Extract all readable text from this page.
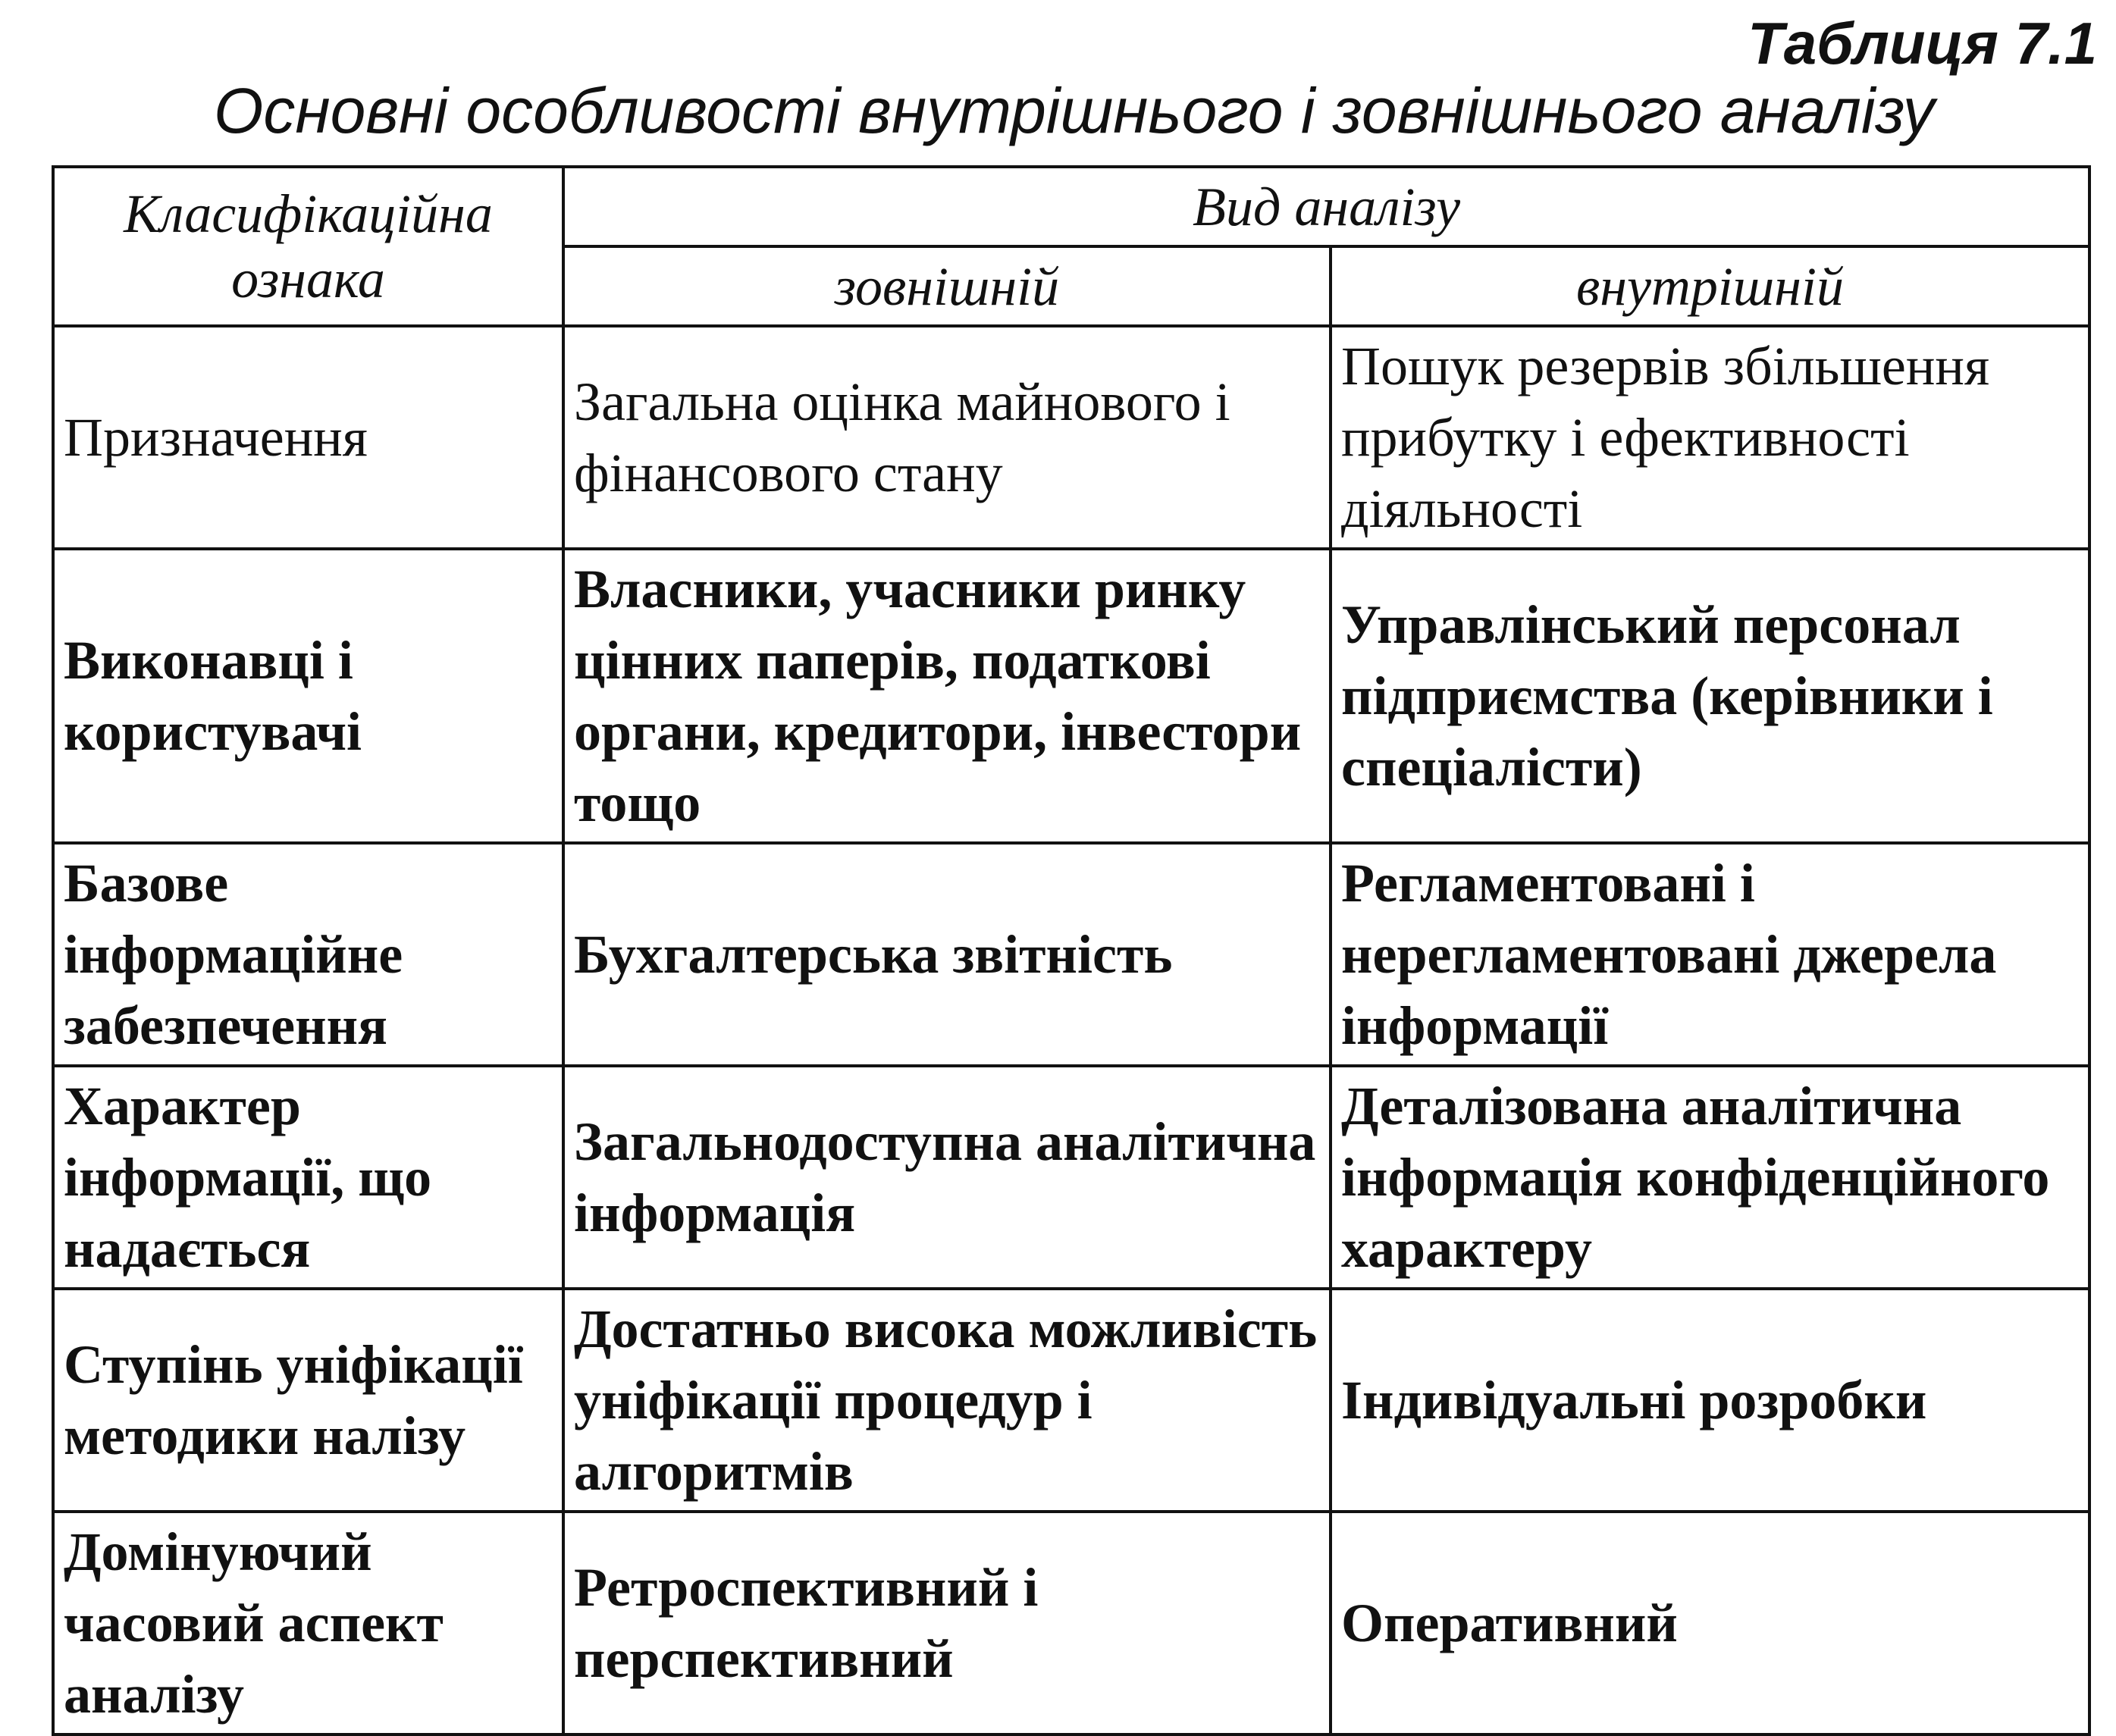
Таблиця 7.1
Основні особливості внутрішнього і зовнішнього аналізу
Класифікаційна ознака	Вид аналізу	
	зовнішній	внутрішній
Призначення	Загальна оцінка майнового і фінансового стану	Пошук резервів збільшення прибутку і ефективності діяльності
Виконавці і користувачі	Власники, учасники ринку цінних паперів, податкові органи, кредитори, інвестори тощо	Управлінський персонал підприємства (керівники і спеціалісти)
Базове інформаційне забезпечення	Бухгалтерська звітність	Регламентовані і нерегламентовані джерела інформації
Характер інформації, що надається	Загальнодоступна аналітична інформація	Деталізована аналітична інформація конфіденційного характеру
Ступінь уніфікації методики налізу	Достатньо висока можливість уніфікації процедур і алгоритмів	Індивідуальні розробки
Домінуючий часовий аспект аналізу	Ретроспективний і перспективний	Оперативний
